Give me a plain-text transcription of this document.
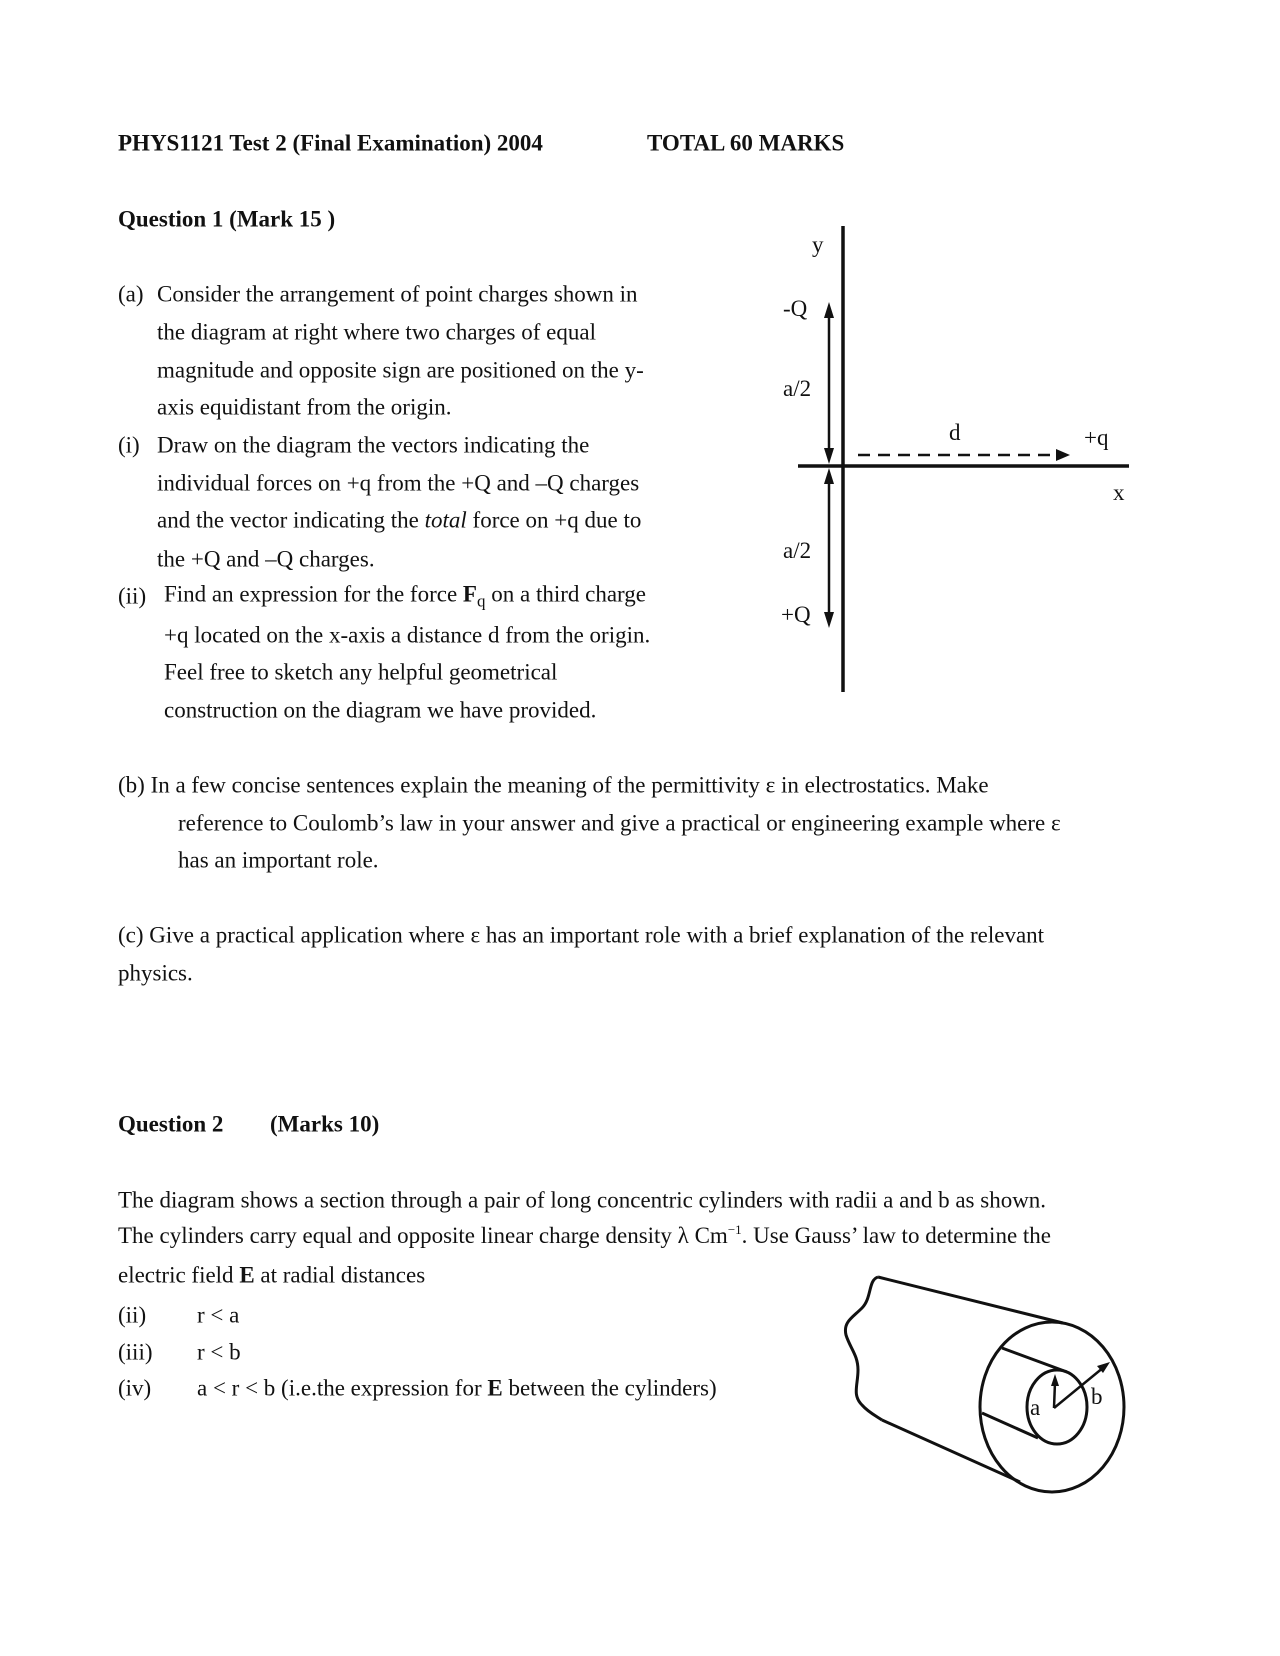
PHYS1121 Test 2 (Final Examination) 2004	TOTAL 60 MARKS
Question 1 (Mark 15 )
(a) Consider the arrangement of point charges shown in
the diagram at right where two charges of equal
magnitude and opposite sign are positioned on the y-
axis equidistant from the origin.
(i) Draw on the diagram the vectors indicating the
individual forces on +q from the +Q and –Q charges
and the vector indicating the total force on +q due to
the +Q and –Q charges.
(ii) Find an expression for the force $F_q$ on a third charge
+q located on the x-axis a distance d from the origin.
Feel free to sketch any helpful geometrical
construction on the diagram we have provided.
(b) In a few concise sentences explain the meaning of the permittivity ε in electrostatics. Make
reference to Coulomb’s law in your answer and give a practical or engineering example where ε
has an important role.
(c) Give a practical application where ε has an important role with a brief explanation of the relevant
physics.
Question 2 (Marks 10)
The diagram shows a section through a pair of long concentric cylinders with radii a and b as shown.
The cylinders carry equal and opposite linear charge density λ $Cm^{-1}$. Use Gauss’ law to determine the
electric field E at radial distances
(ii) r < a
(iii) r < b
(iv) a < r < b (i.e.the expression for E between the cylinders)
y
-Q
a/2
d	+q
x
a/2
+Q
a b
